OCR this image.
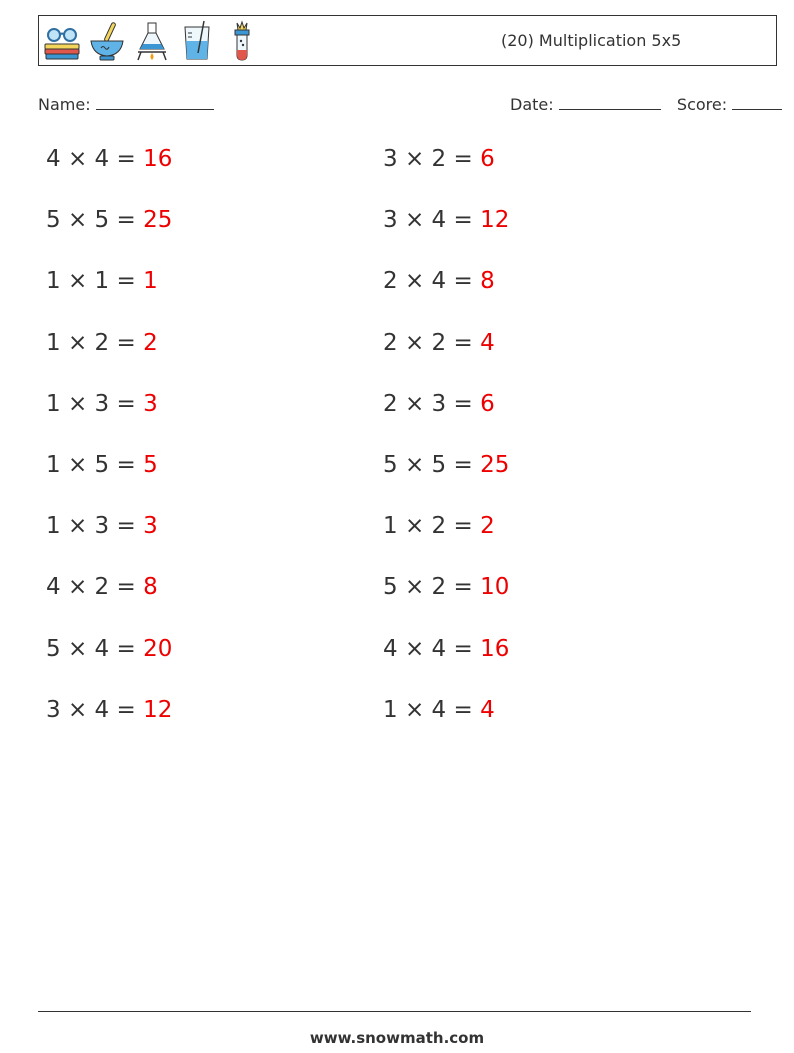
(20) Multiplication 5x5
Name:	Date:	Score:
4 × 4 = 16
5 × 5 = 25
1 × 1 = 1
1 × 2 = 2
1 × 3 = 3
1 × 5 = 5
1 × 3 = 3
4 × 2 = 8
5 × 4 = 20
3 × 4 = 12
3 × 2 = 6
3 × 4 = 12
2 × 4 = 8
2 × 2 = 4
2 × 3 = 6
5 × 5 = 25
1 × 2 = 2
5 × 2 = 10
4 × 4 = 16
1 × 4 = 4
www.snowmath.com
